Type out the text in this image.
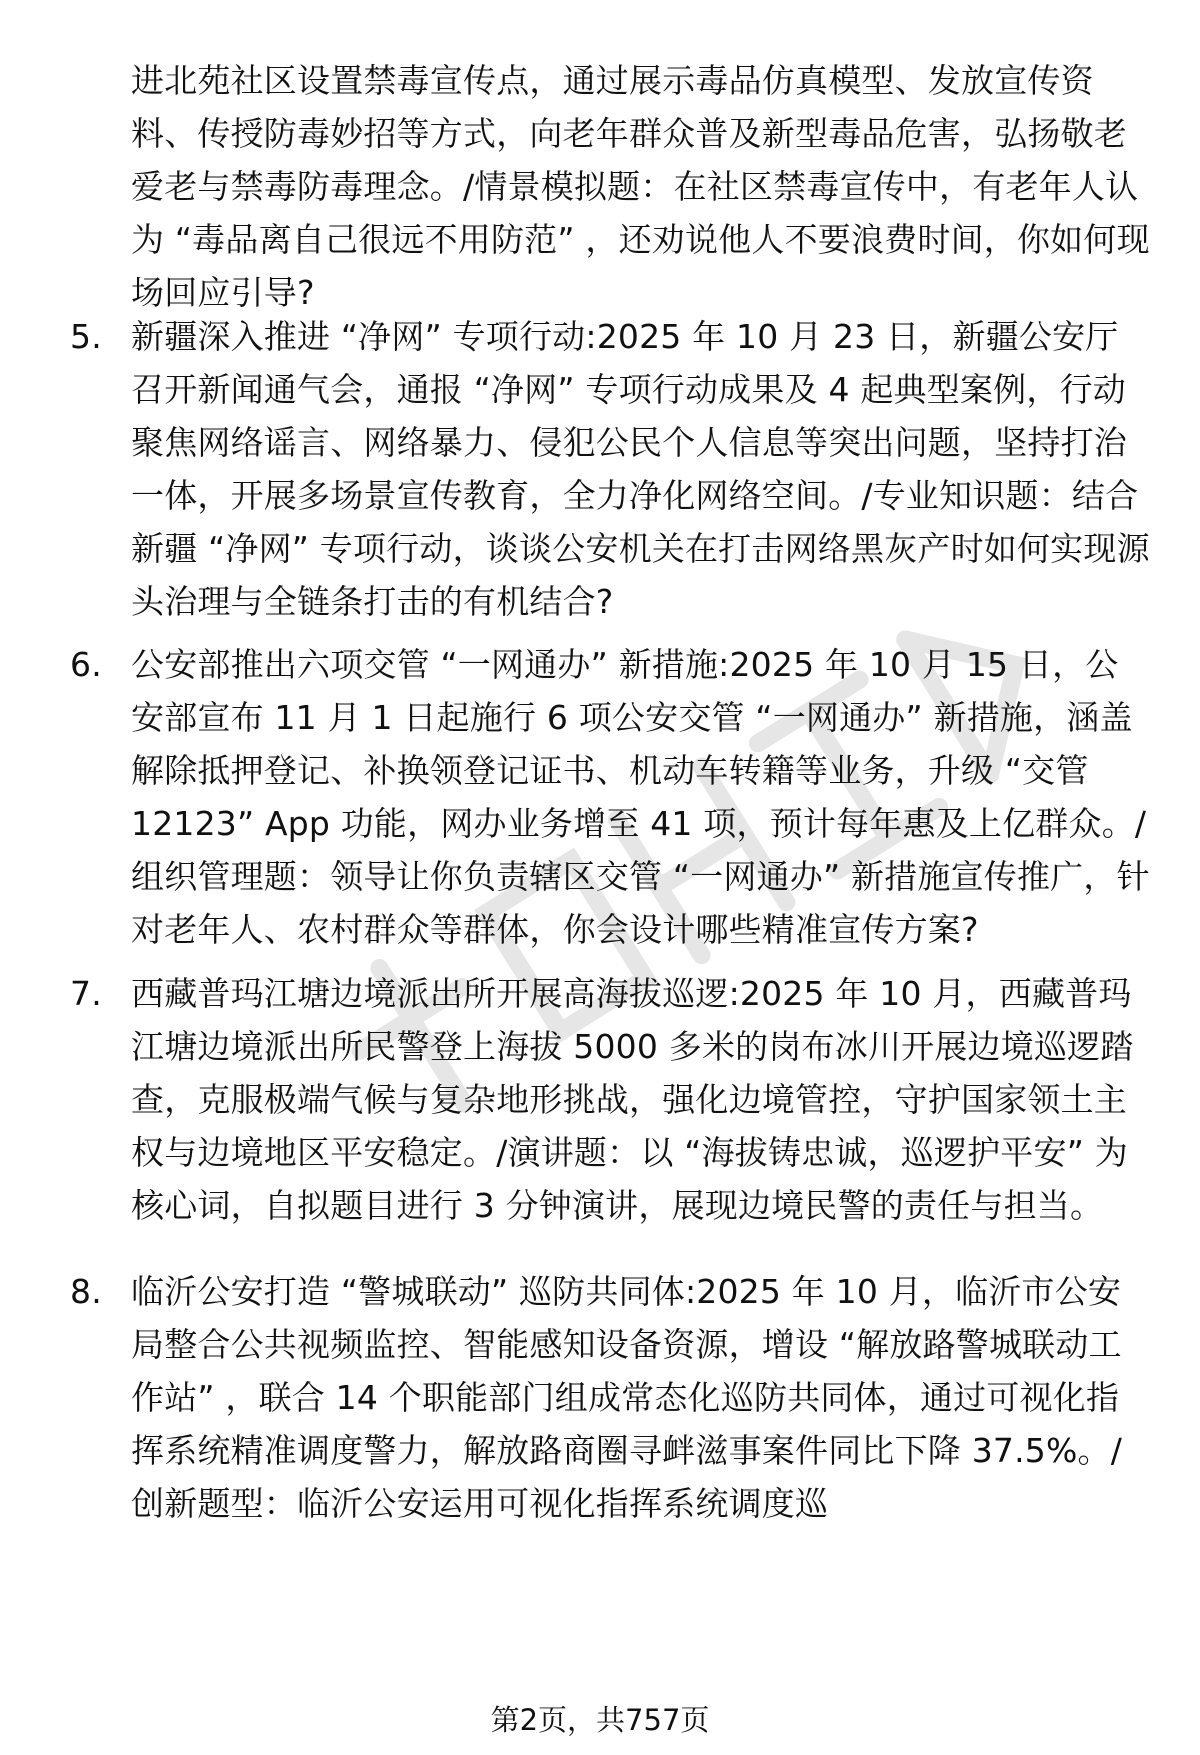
进北苑社区设置禁毒宣传点，通过展示毒品仿真模型、发放宣传资料、传授防毒妙招等方式，向老年群众普及新型毒品危害，弘扬敬老爱老与禁毒防毒理念。/情景模拟题：在社区禁毒宣传中，有老年人认为 “毒品离自己很远不用防范” ，还劝说他人不要浪费时间，你如何现场回应引导?
5. 新疆深入推进 “净网” 专项行动:2025 年 10 月 23 日，新疆公安厅召开新闻通气会，通报 “净网” 专项行动成果及 4 起典型案例，行动聚焦网络谣言、网络暴力、侵犯公民个人信息等突出问题，坚持打治一体，开展多场景宣传教育，全力净化网络空间。/专业知识题：结合新疆 “净网” 专项行动，谈谈公安机关在打击网络黑灰产时如何实现源头治理与全链条打击的有机结合?
6. 公安部推出六项交管 “一网通办” 新措施:2025 年 10 月 15 日，公安部宣布 11 月 1 日起施行 6 项公安交管 “一网通办” 新措施，涵盖解除抵押登记、补换领登记证书、机动车转籍等业务，升级 “交管 12123” App 功能，网办业务增至 41 项，预计每年惠及上亿群众。/组织管理题：领导让你负责辖区交管 “一网通办” 新措施宣传推广，针对老年人、农村群众等群体，你会设计哪些精准宣传方案?
7. 西藏普玛江塘边境派出所开展高海拔巡逻:2025 年 10 月，西藏普玛江塘边境派出所民警登上海拔 5000 多米的岗布冰川开展边境巡逻踏查，克服极端气候与复杂地形挑战，强化边境管控，守护国家领土主权与边境地区平安稳定。/演讲题：以 “海拔铸忠诚，巡逻护平安” 为核心词，自拟题目进行 3 分钟演讲，展现边境民警的责任与担当。
8. 临沂公安打造 “警城联动” 巡防共同体:2025 年 10 月，临沂市公安局整合公共视频监控、智能感知设备资源，增设 “解放路警城联动工作站” ，联合 14 个职能部门组成常态化巡防共同体，通过可视化指挥系统精准调度警力，解放路商圈寻衅滋事案件同比下降 37.5%。/创新题型：临沂公安运用可视化指挥系统调度巡
第2页，共757页
